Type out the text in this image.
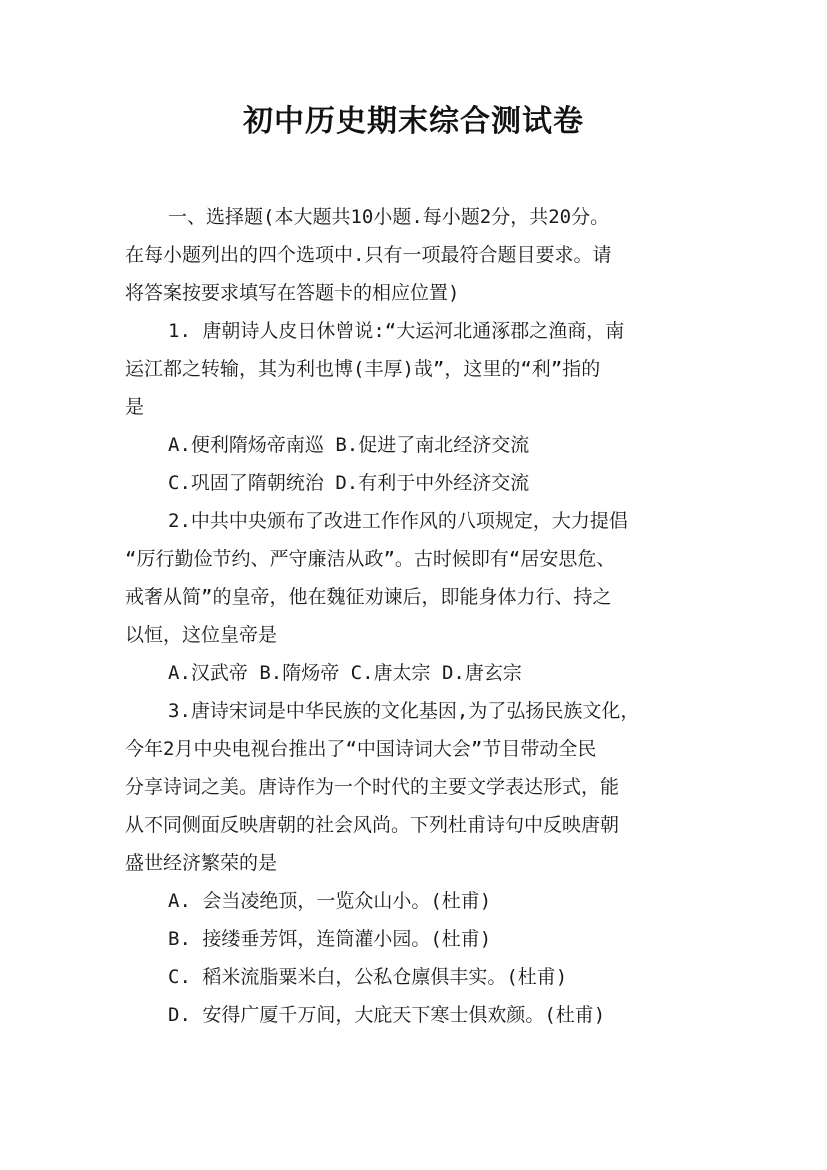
初中历史期末综合测试卷
一、选择题(本大题共10小题.每小题2分，共20分。
在每小题列出的四个选项中.只有一项最符合题目要求。请
将答案按要求填写在答题卡的相应位置)
1. 唐朝诗人皮日休曾说:“大运河北通涿郡之渔商，南
运江都之转输，其为利也博(丰厚)哉”，这里的“利”指的
是
A.便利隋炀帝南巡 B.促进了南北经济交流
C.巩固了隋朝统治 D.有利于中外经济交流
2.中共中央颁布了改进工作作风的八项规定，大力提倡
“厉行勤俭节约、严守廉洁从政”。古时候即有“居安思危、
戒奢从简”的皇帝，他在魏征劝谏后，即能身体力行、持之
以恒，这位皇帝是
A.汉武帝 B.隋炀帝 C.唐太宗 D.唐玄宗
3.唐诗宋词是中华民族的文化基因,为了弘扬民族文化，
今年2月中央电视台推出了“中国诗词大会”节目带动全民
分享诗词之美。唐诗作为一个时代的主要文学表达形式，能
从不同侧面反映唐朝的社会风尚。下列杜甫诗句中反映唐朝
盛世经济繁荣的是
A. 会当凌绝顶，一览众山小。(杜甫)
B. 接缕垂芳饵，连筒灌小园。(杜甫)
C. 稻米流脂粟米白，公私仓廪俱丰实。(杜甫)
D. 安得广厦千万间，大庇天下寒士俱欢颜。(杜甫)
